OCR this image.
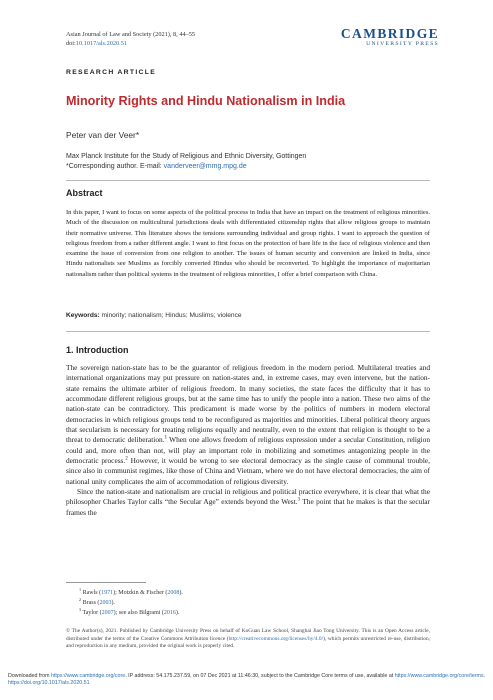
Asian Journal of Law and Society (2021), 8, 44–55
doi:10.1017/als.2020.51
CAMBRIDGE
UNIVERSITY PRESS
RESEARCH ARTICLE
Minority Rights and Hindu Nationalism in India
Peter van der Veer*
Max Planck Institute for the Study of Religious and Ethnic Diversity, Gottingen
*Corresponding author. E-mail: vanderveer@mmg.mpg.de
Abstract
In this paper, I want to focus on some aspects of the political process in India that have an impact on the treatment of religious minorities. Much of the discussion on multicultural jurisdictions deals with differentiated citizenship rights that allow religious groups to maintain their normative universe. This literature shows the tensions surrounding individual and group rights. I want to approach the question of religious freedom from a rather different angle. I want to first focus on the protection of bare life in the face of religious violence and then examine the issue of conversion from one religion to another. The issues of human security and conversion are linked in India, since Hindu nationalists see Muslims as forcibly converted Hindus who should be reconverted. To highlight the importance of majoritarian nationalism rather than political systems in the treatment of religious minorities, I offer a brief comparison with China.
Keywords: minority; nationalism; Hindus; Muslims; violence
1. Introduction

The sovereign nation-state has to be the guarantor of religious freedom in the modern period. Multilateral treaties and international organizations may put pressure on nation-states and, in extreme cases, may even intervene, but the nation-state remains the ultimate arbiter of religious freedom. In many societies, the state faces the difficulty that it has to accommodate different religious groups, but at the same time has to unify the people into a nation. These two aims of the nation-state can be contradictory. This predicament is made worse by the politics of numbers in modern electoral democracies in which religious groups tend to be reconfigured as majorities and minorities. Liberal political theory argues that secularism is necessary for treating religions equally and neutrally, even to the extent that religion is thought to be a threat to democratic deliberation.$^1$ When one allows freedom of religious expression under a secular Constitution, religion could and, more often than not, will play an important role in mobilizing and sometimes antagonizing people in the democratic process.$^2$ However, it would be wrong to see electoral democracy as the single cause of communal trouble, since also in communist regimes, like those of China and Vietnam, where we do not have electoral democracies, the aim of national unity complicates the aim of accommodation of religious diversity.

Since the nation-state and nationalism are crucial in religious and political practice everywhere, it is clear that what the philosopher Charles Taylor calls “the Secular Age” extends beyond the West.$^3$ The point that he makes is that the secular frames the

$^1$ Rawls (1971); Motzkin & Fischer (2008).
$^2$ Brass (2003).
$^3$ Taylor (2007); see also Bilgrami (2016).
© The Author(s), 2021. Published by Cambridge University Press on behalf of KoGuan Law School, Shanghai Jiao Tong University. This is an Open Access article, distributed under the terms of the Creative Commons Attribution licence (http://creativecommons.org/licenses/by/4.0/), which permits unrestricted re-use, distribution, and reproduction in any medium, provided the original work is properly cited.
Downloaded from https://www.cambridge.org/core. IP address: 54.175.237.59, on 07 Dec 2021 at 11:46:30, subject to the Cambridge Core terms of use, available at https://www.cambridge.org/core/terms. https://doi.org/10.1017/als.2020.51
